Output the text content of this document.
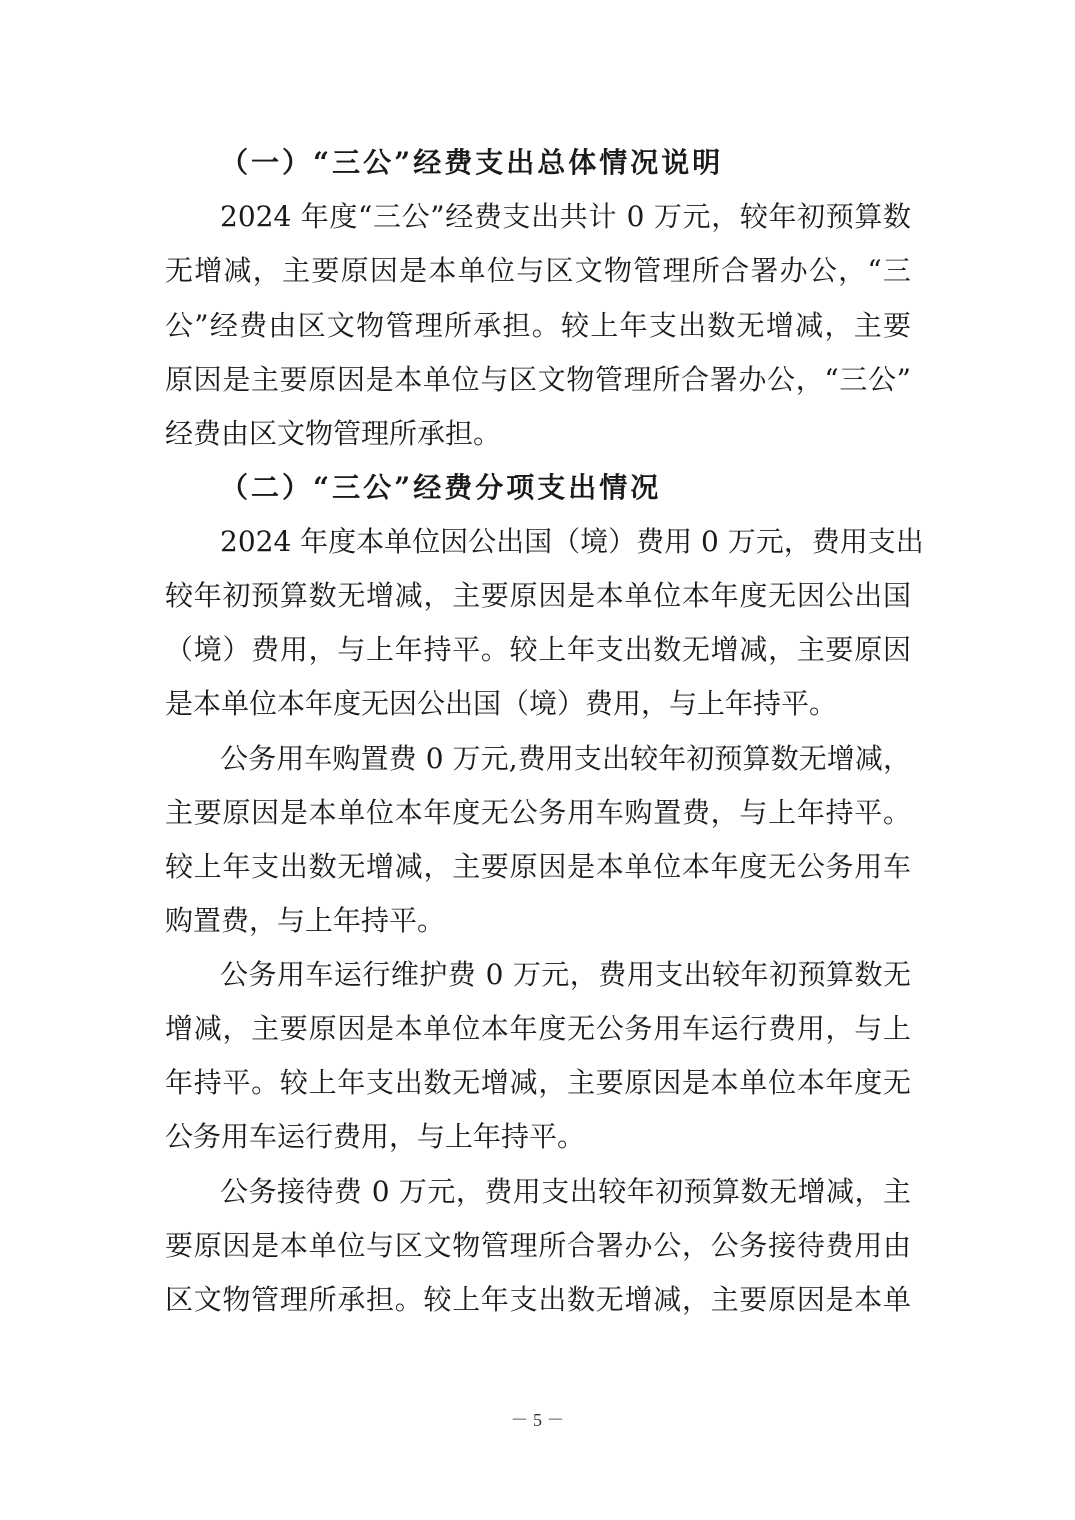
（一）“三公”经费支出总体情况说明
2024 年度“三公”经费支出共计 0 万元，较年初预算数
无增减，主要原因是本单位与区文物管理所合署办公，“三
公”经费由区文物管理所承担。较上年支出数无增减，主要
原因是主要原因是本单位与区文物管理所合署办公，“三公”
经费由区文物管理所承担。
（二）“三公”经费分项支出情况
2024 年度本单位因公出国（境）费用 0 万元，费用支出
较年初预算数无增减，主要原因是本单位本年度无因公出国
（境）费用，与上年持平。较上年支出数无增减，主要原因
是本单位本年度无因公出国（境）费用，与上年持平。
公务用车购置费 0 万元,费用支出较年初预算数无增减，
主要原因是本单位本年度无公务用车购置费，与上年持平。
较上年支出数无增减，主要原因是本单位本年度无公务用车
购置费，与上年持平。
公务用车运行维护费 0 万元，费用支出较年初预算数无
增减，主要原因是本单位本年度无公务用车运行费用，与上
年持平。较上年支出数无增减，主要原因是本单位本年度无
公务用车运行费用，与上年持平。
公务接待费 0 万元，费用支出较年初预算数无增减，主
要原因是本单位与区文物管理所合署办公，公务接待费用由
区文物管理所承担。较上年支出数无增减，主要原因是本单
－ 5 －
